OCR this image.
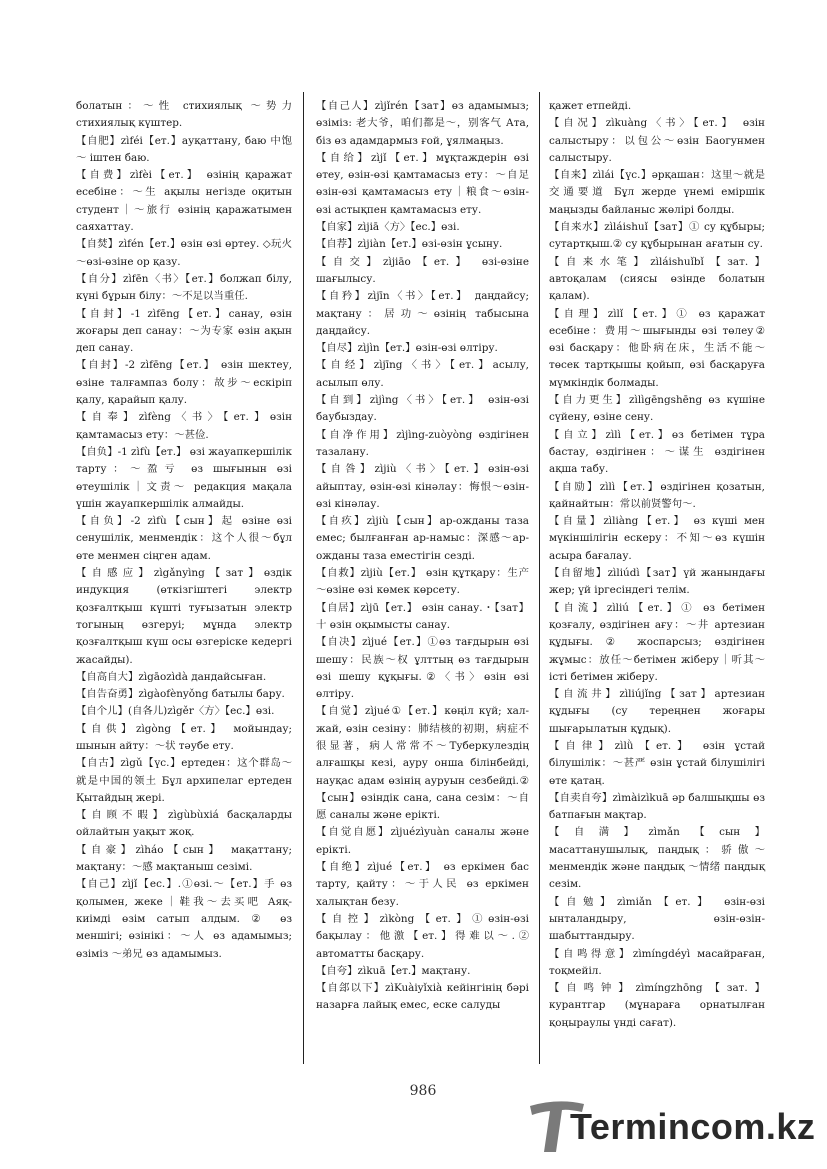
болатын：～性 стихиялық ～势力 стихиялық күштер.

【自肥】zìféi【ет.】ауқаттану, баю 中饱～ іштен баю.

【自费】zìfèi【ет.】 өзінің қаражат есебіне：～生 ақылы негізде оқитын студент｜～旅行 өзінің қаражатымен саяхаттау.

【自焚】zìfén【ет.】өзін өзі өртеу. ◇玩火～өзі-өзіне ор қазу.

【自分】zìfēn〈书〉【ет.】болжап білу, күні бұрын білу：～不足以当重任.

【自封】-1 zìfēng【ет.】санау, өзін жоғары деп санау：～为专家 өзін ақын деп санау.

【自封】-2 zìfēng【ет.】 өзін шектеу, өзіне талғампаз болу：故步～ескіріп қалу, қарайып қалу.

【自奉】zìfèng〈书〉【ет.】өзін қамтамасыз ету：～甚俭.

【自负】-1 zìfù【ет.】 өзі жауапкершілік тарту：～盈亏 өз шығынын өзі өтеушілік｜文责～ редакция мақала үшін жауапкершілік алмайды.

【自负】-2 zìfù【сын】起 өзіне өзі сенушілік, менмендік：这个人很～бұл өте менмен сіңген адам.

【自感应】zìgǎnyìng【зат】өздік индукция (өткізгіштегі электр қозғалтқыш күшті туғызатын электр тогының өзгеруі; мұнда электр қозғалтқыш күш осы өзгеріске кедергі жасайды).

【自高自大】zìgāozìdà дандайсыған.

【自告奋勇】zìgàofènyǒng батылы бару.

【自个儿】(自各儿)zìgěr〈方〉【ес.】өзі.

【自供】zìgòng【ет.】 мойындау; шынын айту：～状 тәубе ету.

【自古】zìgǔ【үс.】ертеден：这个群岛～就是中国的领土 Бұл архипелаг ертеден Қытайдың жері.

【自顾不暇】zìgùbùxiá басқаларды ойлайтын уақыт жоқ.

【自豪】zìháo【сын】 мақаттану; мақтану：～感 мақтаныш сезімі.

【自己】zìjǐ【ес.】.①өзі.～【ет.】手 өз қолымен, жеке｜鞋我～去买吧 Аяқ-киімді өзім сатып алдым. ② өз меншігі; өзінікі：～人 өз адамымыз; өзіміз ～弟兄 өз адамымыз.

【自己人】zìjǐrén【зат】өз адамымыз; өзіміз: 老大爷，咱们都是～，别客气 Ата, біз өз адамдармыз ғой, ұялмаңыз.

【自给】zìjǐ【ет.】мұқтаждерін өзі өтеу, өзін-өзі қамтамасыз ету：～自足 өзін-өзі қамтамасыз ету｜粮食～өзін-өзі астықпен қамтамасыз ету.

【自家】zìjiā〈方〉【ес.】өзі.

【自荐】zìjiàn【ет.】өзі-өзін ұсыну.

【自交】zìjiāo【ет.】 өзі-өзіне шағылысу.

【自矜】zìjīn〈书〉【ет.】 даңдайсу; мақтану：居功～өзінің табысына даңдайсу.

【自尽】zìjìn【ет.】өзін-өзі өлтіру.

【自经】zìjīng〈书〉【ет.】асылу, асылып өлу.

【自到】zìjìng〈书〉【ет.】 өзін-өзі баубыздау.

【自净作用】zìjìng-zuòyòng өздігінен тазалану.

【自咎】zìjiù〈书〉【ет.】өзін-өзі айыптау, өзін-өзі кінәлау：悔恨～өзін-өзі кінәлау.

【自疚】zìjiù【сын】ар-ожданы таза емес; былғанған ар-намыс：深感～ар-ожданы таза еместігін сезді.

【自救】zìjiù【ет.】 өзін құтқару：生产～өзіне өзі көмек көрсету.

【自居】zìjū【ет.】 өзін санау.・【зат】十 өзін оқымысты санау.

【自决】zìjué【ет.】①өз тағдырын өзі шешу：民族～权 ұлттың өз тағдырын өзі шешу құқығы.②〈书〉өзін өзі өлтіру.

【自觉】zìjué①【ет.】көңіл күй; хал-жай, өзін сезіну：肺结核的初期，病症不很显著，病人常常不～Туберкулездің алғашқы кезі, ауру онша білінбейді, науқас адам өзінің ауруын сезбейді.②【сын】өзіндік сана, сана сезім：～自愿 саналы және ерікті.

【自觉自愿】zìjuézìyuàn саналы және ерікті.

【自绝】zìjué【ет.】 өз еркімен бас тарту, қайту：～于人民 өз еркімен халықтан безу.

【自控】zìkòng【ет.】①өзін-өзі бақылау：他激【ет.】得难以～.② автоматты басқару.

【自夸】zìkuā【ет.】мақтану.

【自郐以下】zìKuàiyǐxià кейінгінің бәрі назарға лайық емес, еске салуды

қажет етпейді.

【自况】zìkuàng〈书〉【ет.】 өзін салыстыру：以包公～өзін Баогунмен салыстыру.

【自来】zìlái【үс.】әрқашан：这里～就是交通要道 Бұл жерде үнемі еміршік маңызды байланыс жөлірі болды.

【自来水】zìláishuǐ【зат】① су құбыры; сутартқыш.② су құбырынан ағатын су.

【自来水笔】zìláishuǐbǐ【зат.】 автоқалам (сиясы өзінде болатын қалам).

【自理】zìlǐ【ет.】① өз қаражат есебіне：费用～шығынды өзі төлеу② өзі басқару：他卧病在床，生活不能～төсек тартқышы қойып, өзі басқаруға мүмкіндік болмады.

【自力更生】zìlìgēngshēng өз күшіне сүйену, өзіне сену.

【自立】zìlì【ет.】өз бетімен тұра бастау, өздігінен：～谋生 өздігінен ақша табу.

【自励】zìlì【ет.】өздігінен қозатын, қайнайтын：常以前贤警句～.

【自量】zìliàng【ет.】 өз күші мен мүкіншілігін ескеру：不知～өз күшін асыра бағалау.

【自留地】zìliúdì【зат】үй жанындағы жер; үй іргесіндегі телім.

【自流】zìliú【ет.】① өз бетімен қозғалу, өздігінен ағу：～井 артезиан құдығы. ② жоспарсыз; өздігінен жұмыс：放任～бетімен жіберу｜听其～істі бетімен жіберу.

【自流井】zìliújǐng【зат】артезиан құдығы (су тереңнен жоғары шығарылатын құдық).

【自律】zìlǜ【ет.】 өзін ұстай білушілік：～甚严 өзін ұстай білушілігі өте қатаң.

【自卖自夸】zìmàizìkuā әр балшықшы өз батпағын мақтар.

【自满】zìmǎn【сын】 масаттанушылық, паңдық：骄傲～менмендік және паңдық ～情绪 паңдық сезім.

【自勉】zìmiǎn【ет.】 өзін-өзі ынталандыру, өзін-өзін-шабыттандыру.

【自鸣得意】zìmíngdéyì масайраған, тоқмейіл.

【自鸣钟】zìmíngzhōng【зат.】 курантгар (мұнараға орнатылған қоңыраулы үнді сағат).

986
Termincom.kz
